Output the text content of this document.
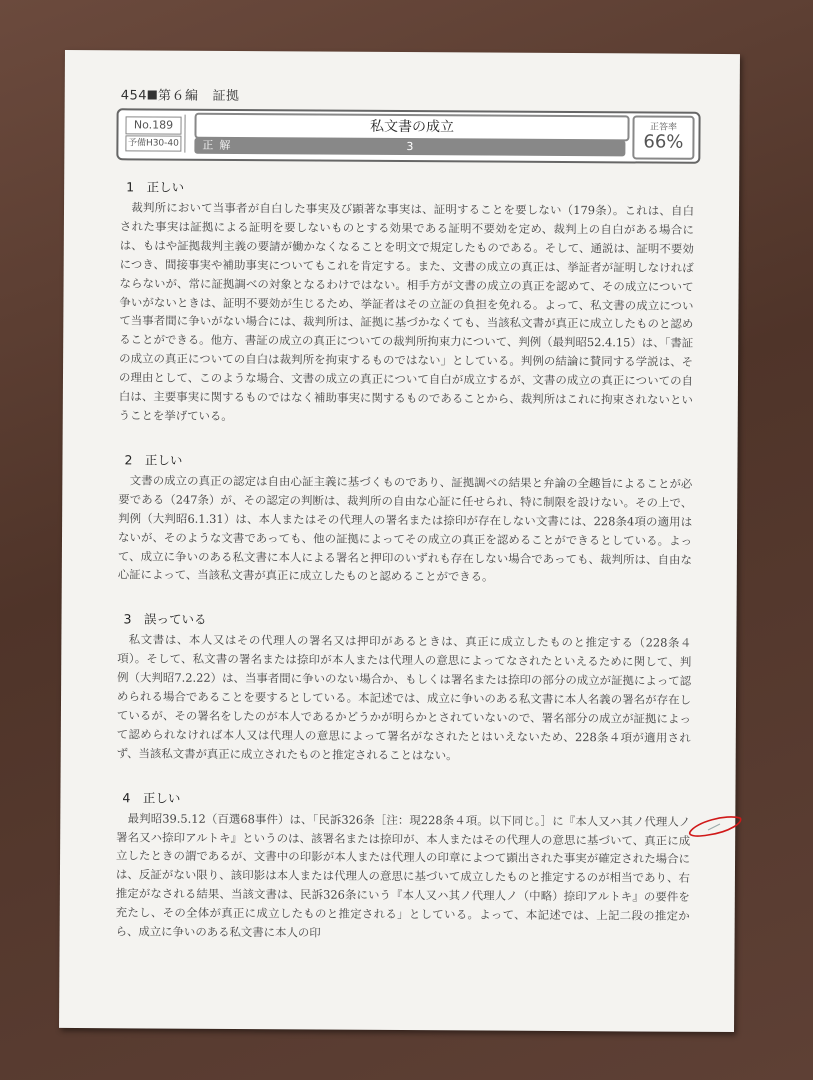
454 第６編 証拠
No.189
予備H30-40
私文書の成立
正解	3
正答率
66%
1　正しい

裁判所において当事者が自白した事実及び顕著な事実は、証明することを要しない（179条）。これは、自白された事実は証拠による証明を要しないものとする効果である証明不要効を定め、裁判上の自白がある場合には、もはや証拠裁判主義の要請が働かなくなることを明文で規定したものである。そして、通説は、証明不要効につき、間接事実や補助事実についてもこれを肯定する。また、文書の成立の真正は、挙証者が証明しなければならないが、常に証拠調べの対象となるわけではない。相手方が文書の成立の真正を認めて、その成立について争いがないときは、証明不要効が生じるため、挙証者はその立証の負担を免れる。よって、私文書の成立について当事者間に争いがない場合には、裁判所は、証拠に基づかなくても、当該私文書が真正に成立したものと認めることができる。他方、書証の成立の真正についての裁判所拘束力について、判例（最判昭52.4.15）は、「書証の成立の真正についての自白は裁判所を拘束するものではない」としている。判例の結論に賛同する学説は、その理由として、このような場合、文書の成立の真正について自白が成立するが、文書の成立の真正についての自白は、主要事実に関するものではなく補助事実に関するものであることから、裁判所はこれに拘束されないということを挙げている。

2　正しい

文書の成立の真正の認定は自由心証主義に基づくものであり、証拠調べの結果と弁論の全趣旨によることが必要である（247条）が、その認定の判断は、裁判所の自由な心証に任せられ、特に制限を設けない。その上で、判例（大判昭6.1.31）は、本人またはその代理人の署名または捺印が存在しない文書には、228条4項の適用はないが、そのような文書であっても、他の証拠によってその成立の真正を認めることができるとしている。よって、成立に争いのある私文書に本人による署名と押印のいずれも存在しない場合であっても、裁判所は、自由な心証によって、当該私文書が真正に成立したものと認めることができる。

3　誤っている

私文書は、本人又はその代理人の署名又は押印があるときは、真正に成立したものと推定する（228条４項）。そして、私文書の署名または捺印が本人または代理人の意思によってなされたといえるために関して、判例（大判昭7.2.22）は、当事者間に争いのない場合か、もしくは署名または捺印の部分の成立が証拠によって認められる場合であることを要するとしている。本記述では、成立に争いのある私文書に本人名義の署名が存在しているが、その署名をしたのが本人であるかどうかが明らかとされていないので、署名部分の成立が証拠によって認められなければ本人又は代理人の意思によって署名がなされたとはいえないため、228条４項が適用されず、当該私文書が真正に成立されたものと推定されることはない。

4　正しい

最判昭39.5.12（百選68事件）は、「民訴326条［注：現228条４項。以下同じ。］に『本人又ハ其ノ代理人ノ署名又ハ捺印アルトキ』というのは、該署名または捺印が、本人またはその代理人の意思に基づいて、真正に成立したときの謂であるが、文書中の印影が本人または代理人の印章によつて顕出された事実が確定された場合には、反証がない限り、該印影は本人または代理人の意思に基づいて成立したものと推定するのが相当であり、右推定がなされる結果、当該文書は、民訴326条にいう『本人又ハ其ノ代理人ノ（中略）捺印アルトキ』の要件を充たし、その全体が真正に成立したものと推定される」としている。よって、本記述では、上記二段の推定から、成立に争いのある私文書に本人の印
